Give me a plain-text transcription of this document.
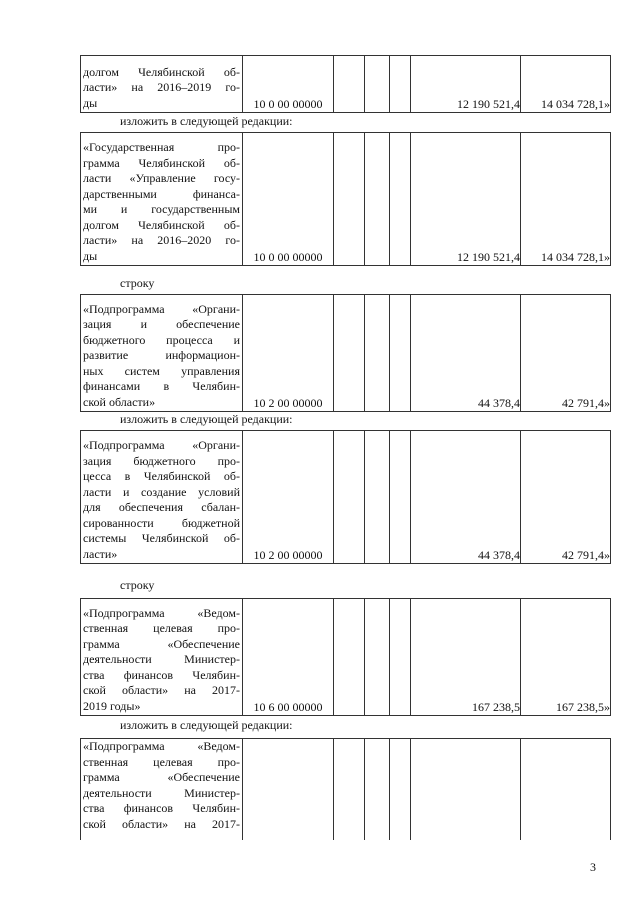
долгом Челябинской об-
ласти» на 2016–2019 го-
ды	10 0 00 00000				12 190 521,4	14 034 728,1»
изложить в следующей редакции:
«Государственная про-
грамма Челябинской об-
ласти «Управление госу-
дарственными финанса-
ми и государственным
долгом Челябинской об-
ласти» на 2016–2020 го-
ды	10 0 00 00000				12 190 521,4	14 034 728,1»
строку
«Подпрограмма «Органи-
зация и обеспечение
бюджетного процесса и
развитие информацион-
ных систем управления
финансами в Челябин-
ской области»	10 2 00 00000				44 378,4	42 791,4»
изложить в следующей редакции:
«Подпрограмма «Органи-
зация бюджетного про-
цесса в Челябинской об-
ласти и создание условий
для обеспечения сбалан-
сированности бюджетной
системы Челябинской об-
ласти»	10 2 00 00000				44 378,4	42 791,4»
строку
«Подпрограмма «Ведом-
ственная целевая про-
грамма «Обеспечение
деятельности Министер-
ства финансов Челябин-
ской области» на 2017-
2019 годы»	10 6 00 00000				167 238,5	167 238,5»
изложить в следующей редакции:
«Подпрограмма «Ведом-
ственная целевая про-
грамма «Обеспечение
деятельности Министер-
ства финансов Челябин-
ской области» на 2017-

3
